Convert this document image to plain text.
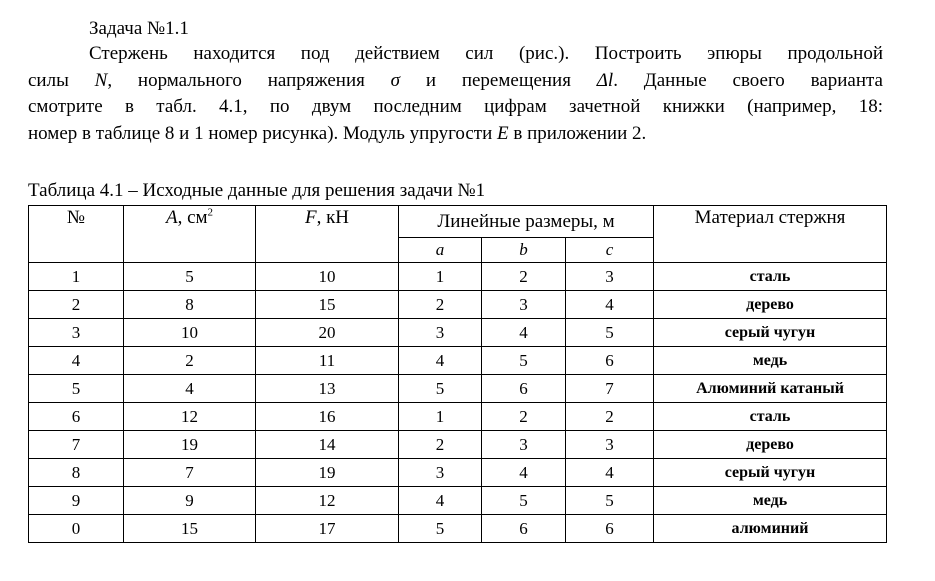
Задача №1.1
Стержень находится под действием сил (рис.). Построить эпюры продольной
силы N, нормального напряжения σ и перемещения Δl. Данные своего варианта
смотрите в табл. 4.1, по двум последним цифрам зачетной книжки (например, 18:
номер в таблице 8 и 1 номер рисунка). Модуль упругости E в приложении 2.
Таблица 4.1 – Исходные данные для решения задачи №1
№	A, $см^2$	F, кН	Линейные размеры, м			Материал стержня
			a	b	c	
1	5	10	1	2	3	сталь
2	8	15	2	3	4	дерево
3	10	20	3	4	5	серый чугун
4	2	11	4	5	6	медь
5	4	13	5	6	7	Алюминий катаный
6	12	16	1	2	2	сталь
7	19	14	2	3	3	дерево
8	7	19	3	4	4	серый чугун
9	9	12	4	5	5	медь
0	15	17	5	6	6	алюминий
